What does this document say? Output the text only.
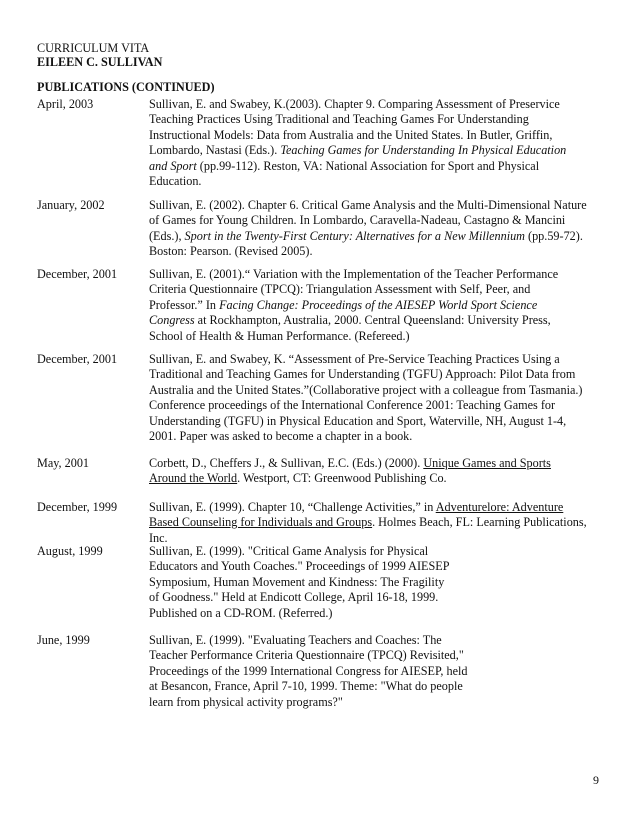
CURRICULUM VITA
EILEEN C. SULLIVAN
PUBLICATIONS (CONTINUED)
April, 2003	Sullivan, E. and Swabey, K.(2003). Chapter 9. Comparing Assessment of Preservice
Teaching Practices Using Traditional and Teaching Games For Understanding
Instructional Models: Data from Australia and the United States. In Butler, Griffin,
Lombardo, Nastasi (Eds.). Teaching Games for Understanding In Physical Education
and Sport (pp.99-112). Reston, VA: National Association for Sport and Physical
Education.
January, 2002	Sullivan, E. (2002). Chapter 6. Critical Game Analysis and the Multi-Dimensional Nature
of Games for Young Children. In Lombardo, Caravella-Nadeau, Castagno & Mancini
(Eds.), Sport in the Twenty-First Century: Alternatives for a New Millennium (pp.59-72).
Boston: Pearson. (Revised 2005).
December, 2001	Sullivan, E. (2001).“ Variation with the Implementation of the Teacher Performance
Criteria Questionnaire (TPCQ): Triangulation Assessment with Self, Peer, and
Professor.” In Facing Change: Proceedings of the AIESEP World Sport Science
Congress at Rockhampton, Australia, 2000. Central Queensland: University Press,
School of Health & Human Performance. (Refereed.)
December, 2001	Sullivan, E. and Swabey, K. “Assessment of Pre-Service Teaching Practices Using a
Traditional and Teaching Games for Understanding (TGFU) Approach: Pilot Data from
Australia and the United States.”(Collaborative project with a colleague from Tasmania.)
Conference proceedings of the International Conference 2001: Teaching Games for
Understanding (TGFU) in Physical Education and Sport, Waterville, NH, August 1-4,
2001. Paper was asked to become a chapter in a book.
May, 2001	Corbett, D., Cheffers J., & Sullivan, E.C. (Eds.) (2000). Unique Games and Sports
Around the World. Westport, CT: Greenwood Publishing Co.
December, 1999	Sullivan, E. (1999). Chapter 10, “Challenge Activities,” in Adventurelore: Adventure
Based Counseling for Individuals and Groups. Holmes Beach, FL: Learning Publications,
Inc.
August, 1999	Sullivan, E. (1999). "Critical Game Analysis for Physical
Educators and Youth Coaches." Proceedings of 1999 AIESEP
Symposium, Human Movement and Kindness: The Fragility
of Goodness." Held at Endicott College, April 16-18, 1999.
Published on a CD-ROM. (Referred.)
June, 1999	Sullivan, E. (1999). "Evaluating Teachers and Coaches: The
Teacher Performance Criteria Questionnaire (TPCQ) Revisited,"
Proceedings of the 1999 International Congress for AIESEP, held
at Besancon, France, April 7-10, 1999. Theme: "What do people
learn from physical activity programs?"
9
